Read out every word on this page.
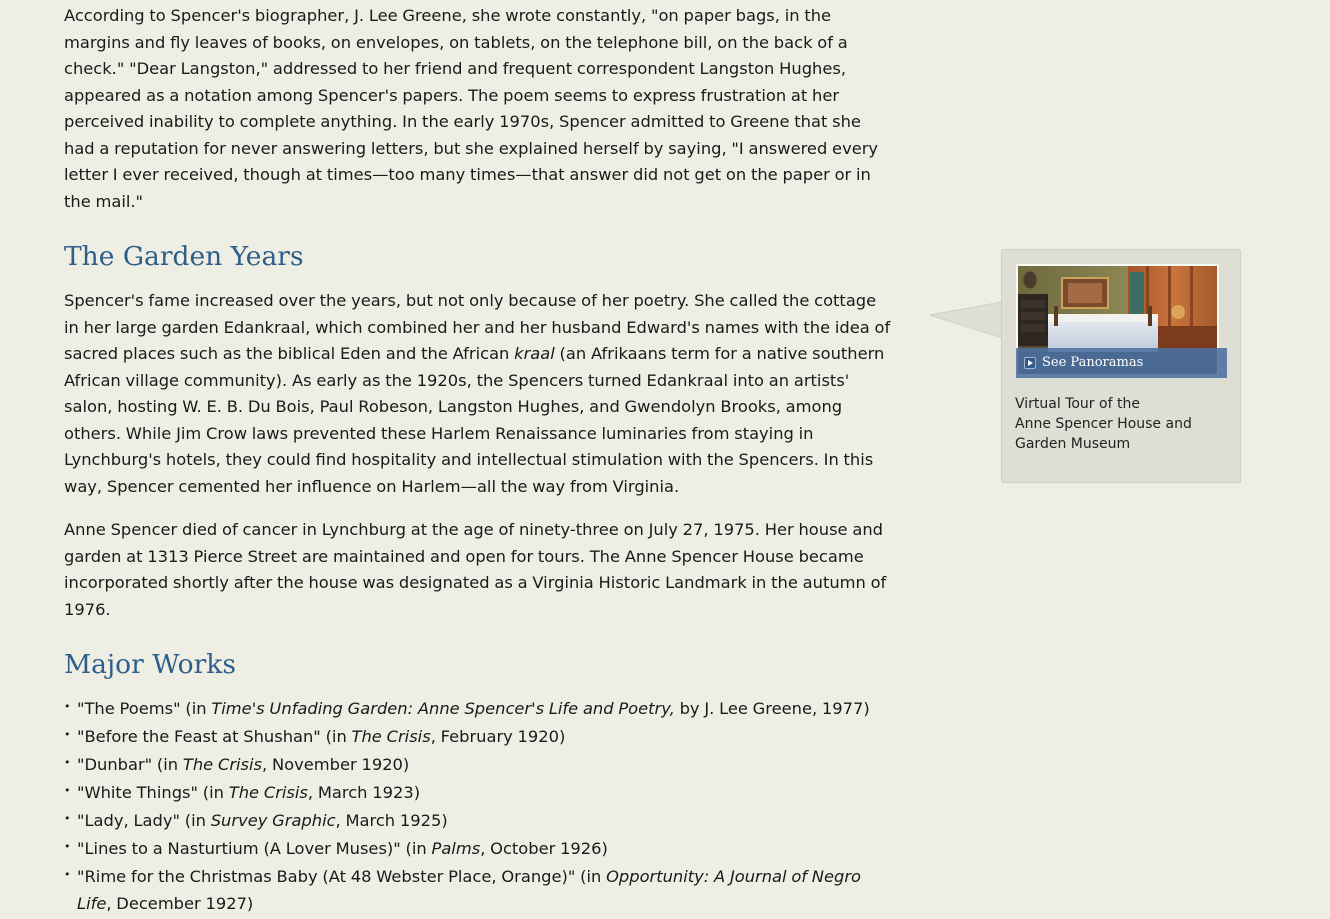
According to Spencer's biographer, J. Lee Greene, she wrote constantly, "on paper bags, in the margins and fly leaves of books, on envelopes, on tablets, on the telephone bill, on the back of a check." "Dear Langston," addressed to her friend and frequent correspondent Langston Hughes, appeared as a notation among Spencer's papers. The poem seems to express frustration at her perceived inability to complete anything. In the early 1970s, Spencer admitted to Greene that she had a reputation for never answering letters, but she explained herself by saying, "I answered every letter I ever received, though at times—too many times—that answer did not get on the paper or in the mail."

The Garden Years

Spencer's fame increased over the years, but not only because of her poetry. She called the cottage in her large garden Edankraal, which combined her and her husband Edward's names with the idea of sacred places such as the biblical Eden and the African kraal (an Afrikaans term for a native southern African village community). As early as the 1920s, the Spencers turned Edankraal into an artists' salon, hosting W. E. B. Du Bois, Paul Robeson, Langston Hughes, and Gwendolyn Brooks, among others. While Jim Crow laws prevented these Harlem Renaissance luminaries from staying in Lynchburg's hotels, they could find hospitality and intellectual stimulation with the Spencers. In this way, Spencer cemented her influence on Harlem—all the way from Virginia.

Anne Spencer died of cancer in Lynchburg at the age of ninety-three on July 27, 1975. Her house and garden at 1313 Pierce Street are maintained and open for tours. The Anne Spencer House became incorporated shortly after the house was designated as a Virginia Historic Landmark in the autumn of 1976.

Major Works
• "The Poems" (in Time's Unfading Garden: Anne Spencer's Life and Poetry, by J. Lee Greene, 1977)
• "Before the Feast at Shushan" (in The Crisis, February 1920)
• "Dunbar" (in The Crisis, November 1920)
• "White Things" (in The Crisis, March 1923)
• "Lady, Lady" (in Survey Graphic, March 1925)
• "Lines to a Nasturtium (A Lover Muses)" (in Palms, October 1926)
• "Rime for the Christmas Baby (At 48 Webster Place, Orange)" (in Opportunity: A Journal of Negro Life, December 1927)
See Panoramas
Virtual Tour of the
Anne Spencer House and Garden Museum
